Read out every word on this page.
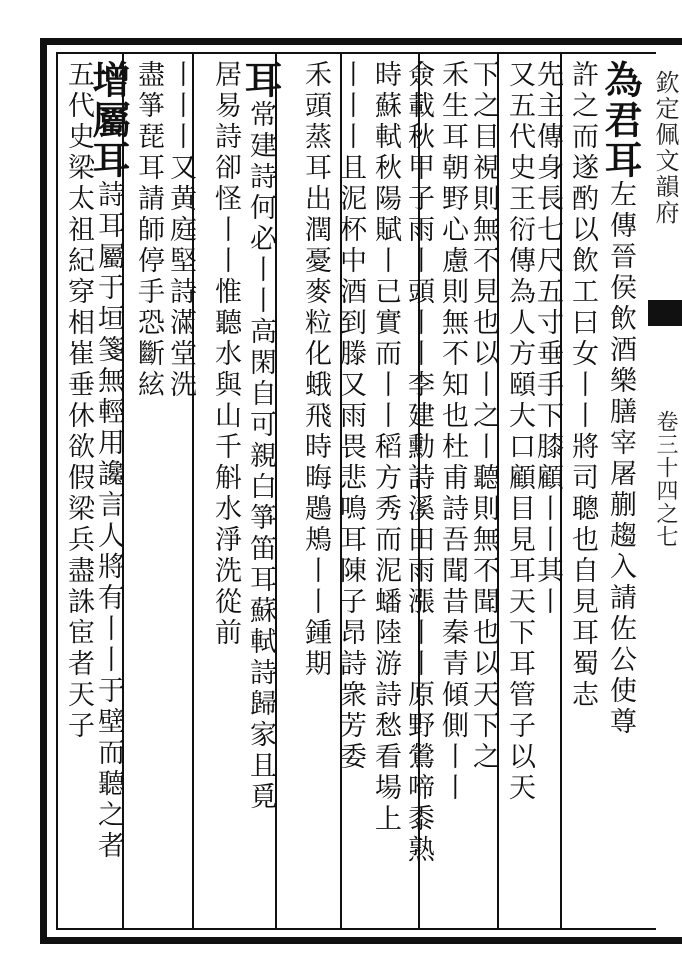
欽定佩文韻府
卷三十四之七
為君耳左傳晉侯飲酒樂膳宰屠蒯趨入請佐公使尊
許之而遂酌以飲工曰女丨丨將司聰也自見耳蜀志
先主傳身長七尺五寸垂手下膝顧丨丨其丨
又五代史王衍傳為人方頤大口顧目見耳天下耳管子以天
下之目視則無不見也以丨之丨聽則無不聞也以天下之
禾生耳朝野心慮則無不知也杜甫詩吾聞昔秦青傾側丨丨
僉載秋甲子雨丨頭丨丨李建勳詩溪田雨漲丨丨原野鶯啼黍熟
時蘇軾秋陽賦丨已實而丨丨稻方秀而泥蟠陸游詩愁看場上
丨丨丨且泥杯中酒到滕又雨畏悲鳴耳陳子昂詩衆芳委
禾頭蒸耳出潤憂麥粒化蛾飛時晦鶗鴂丨丨鍾期
耳常建詩何必丨丨高閑自可親白箏笛耳蘇軾詩歸家且覓
居易詩卻怪丨丨惟聽水與山千斛水淨洗從前
丨丨丨又黄庭堅詩滿堂洗
盡箏琵耳請師停手恐斷絃
增屬耳詩耳屬于垣箋無輕用讒言人將有丨丨于壁而聽之者
五代史梁太祖紀穿相崔垂休欲假梁兵盡誅宦者天子
